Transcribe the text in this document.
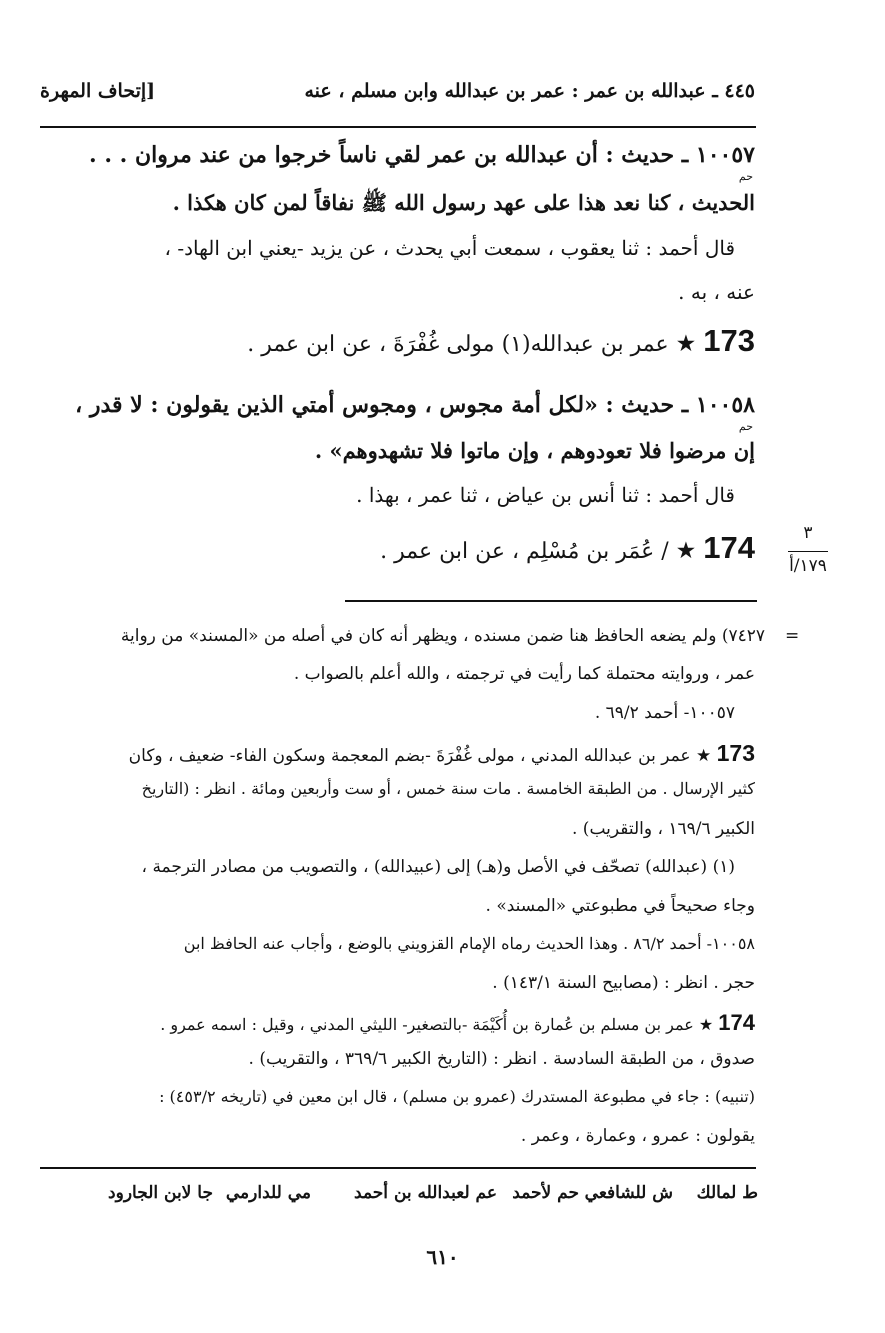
٤٤٥ ـ عبدالله بن عمر : عمر بن عبدالله وابن مسلم ، عنه
[إتحاف المهرة
١٠٠٥٧ ـ حديث : أن عبدالله بن عمر لقي ناساً خرجوا من عند مروان . . .
حم
الحديث ، كنا نعد هذا على عهد رسول الله ﷺ نفاقاً لمن كان هكذا .
قال أحمد : ثنا يعقوب ، سمعت أبي يحدث ، عن يزيد -يعني ابن الهاد- ،
عنه ، به .
173 ★ عمر بن عبدالله(١) مولى غُفْرَةَ ، عن ابن عمر .
١٠٠٥٨ ـ حديث : «لكل أمة مجوس ، ومجوس أمتي الذين يقولون : لا قدر ،
حم
إن مرضوا فلا تعودوهم ، وإن ماتوا فلا تشهدوهم» .
قال أحمد : ثنا أنس بن عياض ، ثنا عمر ، بهذا .
174 ★ / عُمَر بن مُسْلِم ، عن ابن عمر .
٣
١٧٩/أ
=
٧٤٢٧) ولم يضعه الحافظ هنا ضمن مسنده ، ويظهر أنه كان في أصله من «المسند» من رواية
عمر ، وروايته محتملة كما رأيت في ترجمته ، والله أعلم بالصواب .
١٠٠٥٧- أحمد ٦٩/٢ .
173 ★ عمر بن عبدالله المدني ، مولى غُفْرَةَ -بضم المعجمة وسكون الفاء- ضعيف ، وكان
كثير الإرسال . من الطبقة الخامسة . مات سنة خمس ، أو ست وأربعين ومائة . انظر : (التاريخ
الكبير ١٦٩/٦ ، والتقريب) .
(١) (عبدالله) تصحّف في الأصل و(هـ) إلى (عبيدالله) ، والتصويب من مصادر الترجمة ،
وجاء صحيحاً في مطبوعتي «المسند» .
١٠٠٥٨- أحمد ٨٦/٢ . وهذا الحديث رماه الإمام القزويني بالوضع ، وأجاب عنه الحافظ ابن
حجر . انظر : (مصابيح السنة ١٤٣/١) .
174 ★ عمر بن مسلم بن عُمارة بن أُكَيْمَة -بالتصغير- الليثي المدني ، وقيل : اسمه عمرو .
صدوق ، من الطبقة السادسة . انظر : (التاريخ الكبير ٣٦٩/٦ ، والتقريب) .
(تنبيه) : جاء في مطبوعة المستدرك (عمرو بن مسلم) ، قال ابن معين في (تاريخه ٤٥٣/٢) :
يقولون : عمرو ، وعمارة ، وعمر .
ط لمالك
ش للشافعي
حم لأحمد
عم لعبدالله بن أحمد
مي للدارمي
جا لابن الجارود
٦١٠
